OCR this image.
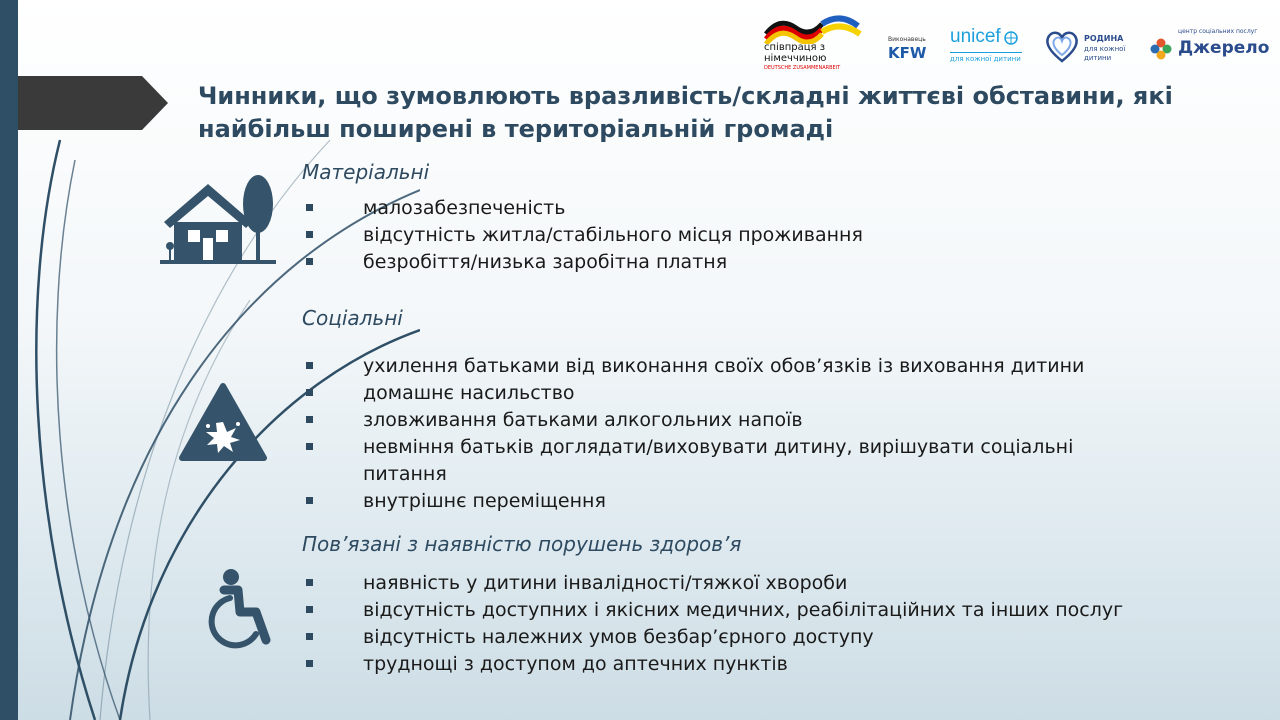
Чинники, що зумовлюють вразливість/складні життєві обставини, які найбільш поширені в територіальній громаді
співпраця з
німеччиною
DEUTSCHE ZUSAMMENARBEIT
Виконавець
KFW
unicef
для кожної дитини
РОДИНА
для кожної
дитини
центр соціальних послуг
Джерело
Матеріальні
малозабезпеченість
відсутність житла/стабільного місця проживання
безробіття/низька заробітна платня
Соціальні
ухилення батьками від виконання своїх обов’язків із виховання дитини
домашнє насильство
зловживання батьками алкогольних напоїв
невміння батьків доглядати/виховувати дитину, вирішувати соціальні питання
внутрішнє переміщення
Пов’язані з наявністю порушень здоров’я
наявність у дитини інвалідності/тяжкої хвороби
відсутність доступних і якісних медичних, реабілітаційних та інших послуг
відсутність належних умов безбар’єрного доступу
труднощі з доступом до аптечних пунктів
